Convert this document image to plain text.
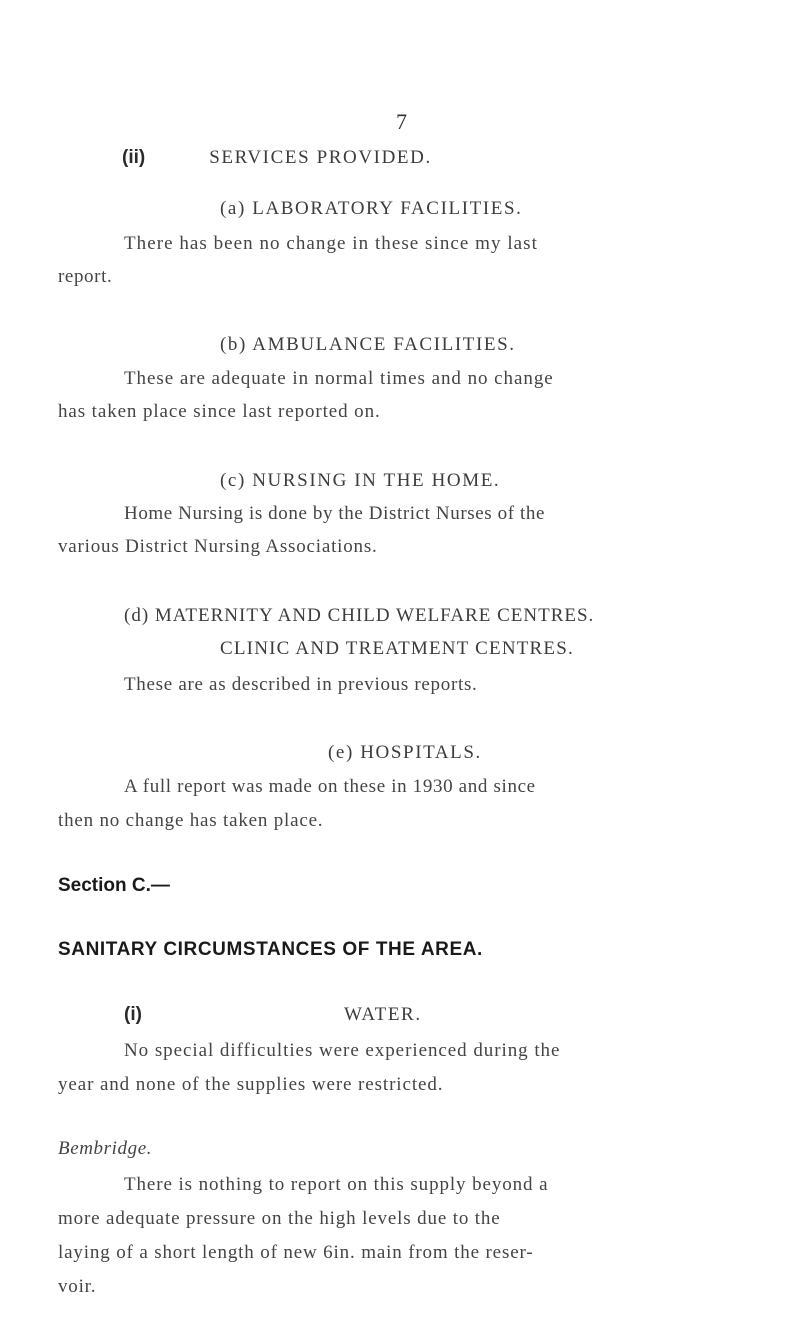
7
(ii)	SERVICES PROVIDED.
(a) LABORATORY FACILITIES.
There has been no change in these since my last
report.
(b) AMBULANCE FACILITIES.
These are adequate in normal times and no change
has taken place since last reported on.
(c) NURSING IN THE HOME.
Home Nursing is done by the District Nurses of the
various District Nursing Associations.
(d) MATERNITY AND CHILD WELFARE CENTRES.
CLINIC AND TREATMENT CENTRES.
These are as described in previous reports.
(e) HOSPITALS.
A full report was made on these in 1930 and since
then no change has taken place.
Section C.—
SANITARY CIRCUMSTANCES OF THE AREA.
(i)	WATER.
No special difficulties were experienced during the
year and none of the supplies were restricted.
Bembridge.
There is nothing to report on this supply beyond a
more adequate pressure on the high levels due to the
laying of a short length of new 6in. main from the reser-
voir.
